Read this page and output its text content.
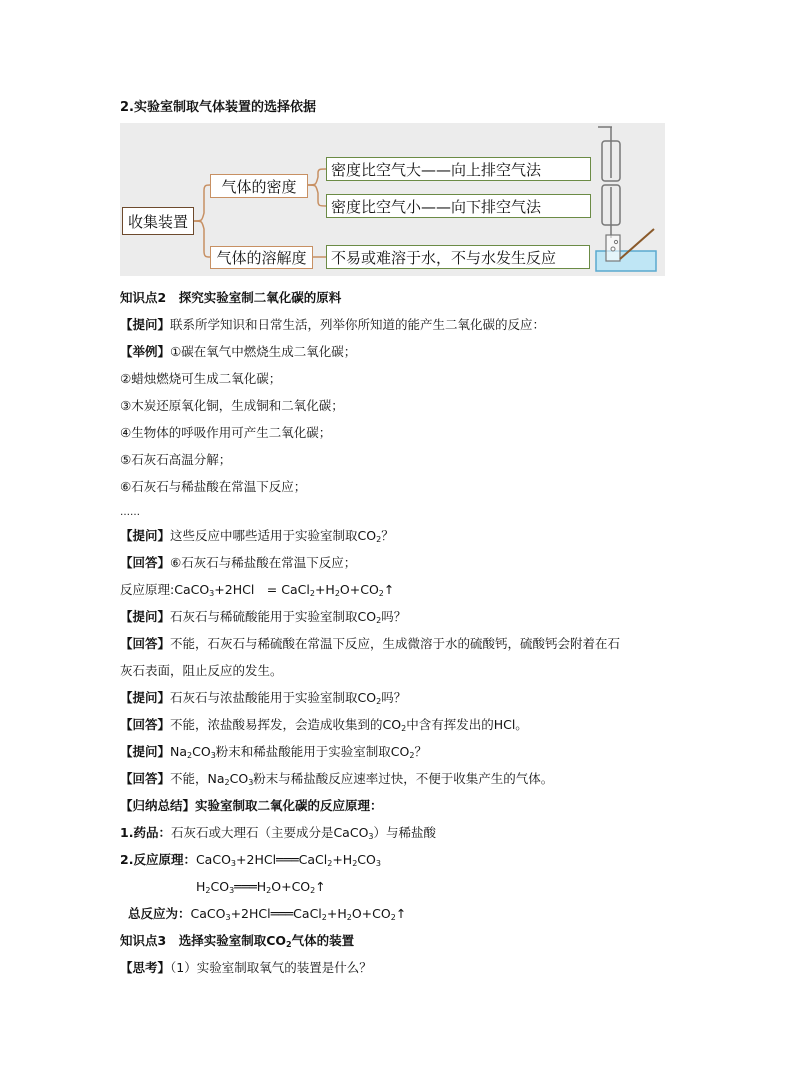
2.实验室制取气体装置的选择依据
收集装置
气体的密度
气体的溶解度
密度比空气大——向上排空气法
密度比空气小——向下排空气法
不易或难溶于水，不与水发生反应
知识点2　探究实验室制二氧化碳的原料
【提问】联系所学知识和日常生活，列举你所知道的能产生二氧化碳的反应：
【举例】①碳在氧气中燃烧生成二氧化碳；
②蜡烛燃烧可生成二氧化碳；
③木炭还原氧化铜，生成铜和二氧化碳；
④生物体的呼吸作用可产生二氧化碳；
⑤石灰石高温分解；
⑥石灰石与稀盐酸在常温下反应；
……
【提问】这些反应中哪些适用于实验室制取$CO_2$？
【回答】⑥石灰石与稀盐酸在常温下反应；
反应原理:CaCO$_3$+2HCl　= $CaCl_2+H_2O+CO_2↑$
【提问】石灰石与稀硫酸能用于实验室制取$CO_2$吗？
【回答】不能，石灰石与稀硫酸在常温下反应，生成微溶于水的硫酸钙，硫酸钙会附着在石
灰石表面，阻止反应的发生。
【提问】石灰石与浓盐酸能用于实验室制取$CO_2$吗？
【回答】不能，浓盐酸易挥发，会造成收集到的$CO_2$中含有挥发出的HCl。
【提问】$Na_2CO_3$粉末和稀盐酸能用于实验室制取$CO_2$？
【回答】不能，$Na_2CO_3$粉末与稀盐酸反应速率过快，不便于收集产生的气体。
【归纳总结】实验室制取二氧化碳的反应原理：
1.药品：石灰石或大理石（主要成分是CaCO$_3$）与稀盐酸
2.反应原理：$CaCO_3+2HCl═══CaCl_2+H_2CO_3$
$H_2CO_3═══H_2O+CO_2↑$
总反应为：$CaCO_3+2HCl═══CaCl_2+H_2O+CO_2↑$
知识点3　选择实验室制取$CO_2$气体的装置
【思考】（1）实验室制取氧气的装置是什么？
